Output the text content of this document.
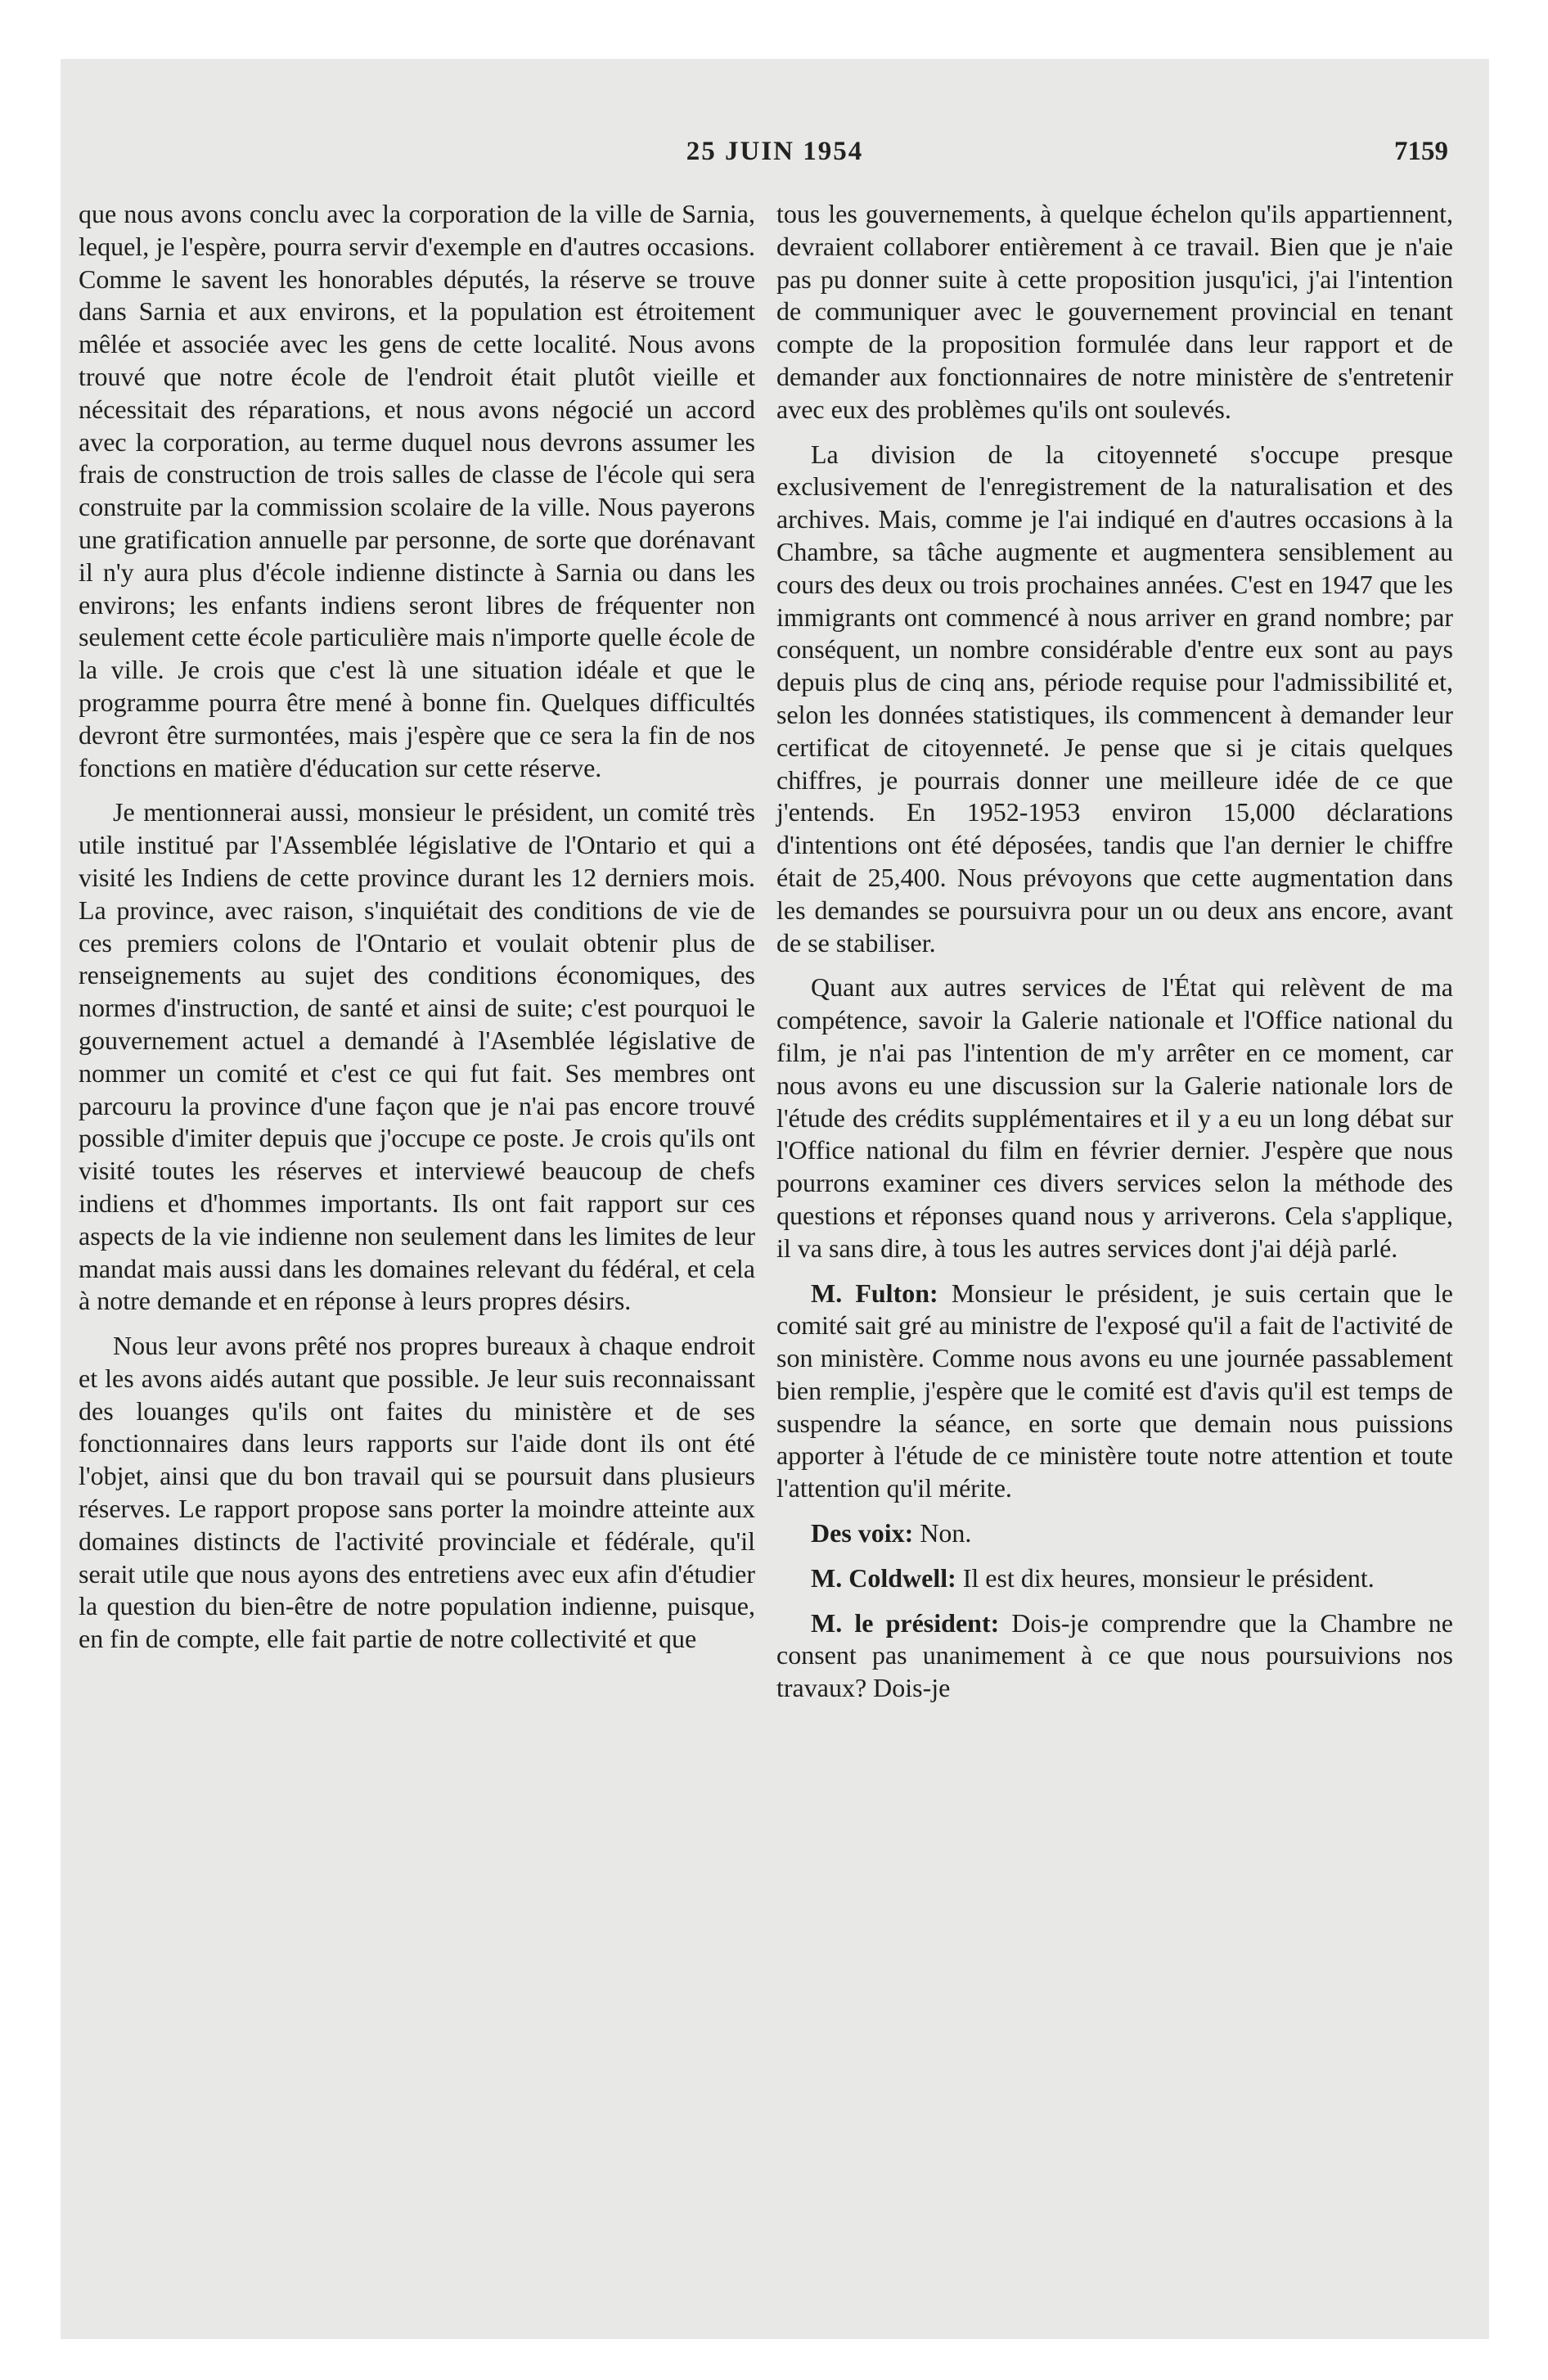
25 JUIN 1954	7159

que nous avons conclu avec la corporation de la ville de Sarnia, lequel, je l'espère, pourra servir d'exemple en d'autres occasions. Comme le savent les honorables députés, la réserve se trouve dans Sarnia et aux environs, et la population est étroitement mêlée et associée avec les gens de cette localité. Nous avons trouvé que notre école de l'endroit était plutôt vieille et nécessitait des réparations, et nous avons négocié un accord avec la corporation, au terme duquel nous devrons assumer les frais de construction de trois salles de classe de l'école qui sera construite par la commission scolaire de la ville. Nous payerons une gratification annuelle par personne, de sorte que dorénavant il n'y aura plus d'école indienne distincte à Sarnia ou dans les environs; les enfants indiens seront libres de fréquenter non seulement cette école particulière mais n'importe quelle école de la ville. Je crois que c'est là une situation idéale et que le programme pourra être mené à bonne fin. Quelques difficultés devront être surmontées, mais j'espère que ce sera la fin de nos fonctions en matière d'éducation sur cette réserve.

Je mentionnerai aussi, monsieur le président, un comité très utile institué par l'Assemblée législative de l'Ontario et qui a visité les Indiens de cette province durant les 12 derniers mois. La province, avec raison, s'inquiétait des conditions de vie de ces premiers colons de l'Ontario et voulait obtenir plus de renseignements au sujet des conditions économiques, des normes d'instruction, de santé et ainsi de suite; c'est pourquoi le gouvernement actuel a demandé à l'Asemblée législative de nommer un comité et c'est ce qui fut fait. Ses membres ont parcouru la province d'une façon que je n'ai pas encore trouvé possible d'imiter depuis que j'occupe ce poste. Je crois qu'ils ont visité toutes les réserves et interviewé beaucoup de chefs indiens et d'hommes importants. Ils ont fait rapport sur ces aspects de la vie indienne non seulement dans les limites de leur mandat mais aussi dans les domaines relevant du fédéral, et cela à notre demande et en réponse à leurs propres désirs.

Nous leur avons prêté nos propres bureaux à chaque endroit et les avons aidés autant que possible. Je leur suis reconnaissant des louanges qu'ils ont faites du ministère et de ses fonctionnaires dans leurs rapports sur l'aide dont ils ont été l'objet, ainsi que du bon travail qui se poursuit dans plusieurs réserves. Le rapport propose sans porter la moindre atteinte aux domaines distincts de l'activité provinciale et fédérale, qu'il serait utile que nous ayons des entretiens avec eux afin d'étudier la question du bien-être de notre population indienne, puisque, en fin de compte, elle fait partie de notre collectivité et que

tous les gouvernements, à quelque échelon qu'ils appartiennent, devraient collaborer entièrement à ce travail. Bien que je n'aie pas pu donner suite à cette proposition jusqu'ici, j'ai l'intention de communiquer avec le gouvernement provincial en tenant compte de la proposition formulée dans leur rapport et de demander aux fonctionnaires de notre ministère de s'entretenir avec eux des problèmes qu'ils ont soulevés.

La division de la citoyenneté s'occupe presque exclusivement de l'enregistrement de la naturalisation et des archives. Mais, comme je l'ai indiqué en d'autres occasions à la Chambre, sa tâche augmente et augmentera sensiblement au cours des deux ou trois prochaines années. C'est en 1947 que les immigrants ont commencé à nous arriver en grand nombre; par conséquent, un nombre considérable d'entre eux sont au pays depuis plus de cinq ans, période requise pour l'admissibilité et, selon les données statistiques, ils commencent à demander leur certificat de citoyenneté. Je pense que si je citais quelques chiffres, je pourrais donner une meilleure idée de ce que j'entends. En 1952-1953 environ 15,000 déclarations d'intentions ont été déposées, tandis que l'an dernier le chiffre était de 25,400. Nous prévoyons que cette augmentation dans les demandes se poursuivra pour un ou deux ans encore, avant de se stabiliser.

Quant aux autres services de l'État qui relèvent de ma compétence, savoir la Galerie nationale et l'Office national du film, je n'ai pas l'intention de m'y arrêter en ce moment, car nous avons eu une discussion sur la Galerie nationale lors de l'étude des crédits supplémentaires et il y a eu un long débat sur l'Office national du film en février dernier. J'espère que nous pourrons examiner ces divers services selon la méthode des questions et réponses quand nous y arriverons. Cela s'applique, il va sans dire, à tous les autres services dont j'ai déjà parlé.

M. Fulton: Monsieur le président, je suis certain que le comité sait gré au ministre de l'exposé qu'il a fait de l'activité de son ministère. Comme nous avons eu une journée passablement bien remplie, j'espère que le comité est d'avis qu'il est temps de suspendre la séance, en sorte que demain nous puissions apporter à l'étude de ce ministère toute notre attention et toute l'attention qu'il mérite.

Des voix: Non.

M. Coldwell: Il est dix heures, monsieur le président.

M. le président: Dois-je comprendre que la Chambre ne consent pas unanimement à ce que nous poursuivions nos travaux? Dois-je
